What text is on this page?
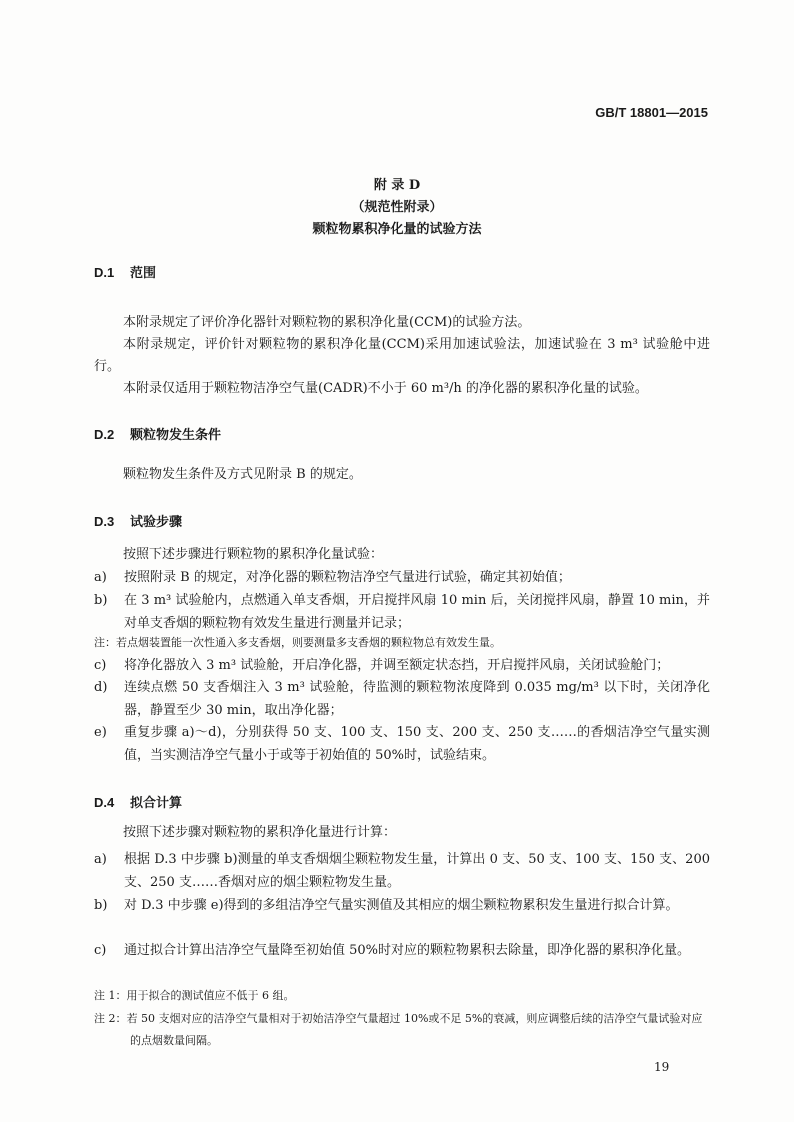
GB/T 18801—2015
附 录 D
（规范性附录）
颗粒物累积净化量的试验方法
D.1 范围
本附录规定了评价净化器针对颗粒物的累积净化量(CCM)的试验方法。
本附录规定，评价针对颗粒物的累积净化量(CCM)采用加速试验法，加速试验在 3 m³ 试验舱中进行。
本附录仅适用于颗粒物洁净空气量(CADR)不小于 60 m³/h 的净化器的累积净化量的试验。
D.2 颗粒物发生条件
颗粒物发生条件及方式见附录 B 的规定。
D.3 试验步骤
按照下述步骤进行颗粒物的累积净化量试验：
a) 按照附录 B 的规定，对净化器的颗粒物洁净空气量进行试验，确定其初始值；
b) 在 3 m³ 试验舱内，点燃通入单支香烟，开启搅拌风扇 10 min 后，关闭搅拌风扇，静置 10 min，并对单支香烟的颗粒物有效发生量进行测量并记录；
注：若点烟装置能一次性通入多支香烟，则要测量多支香烟的颗粒物总有效发生量。
c) 将净化器放入 3 m³ 试验舱，开启净化器，并调至额定状态挡，开启搅拌风扇，关闭试验舱门；
d) 连续点燃 50 支香烟注入 3 m³ 试验舱，待监测的颗粒物浓度降到 0.035 mg/m³ 以下时，关闭净化器，静置至少 30 min，取出净化器；
e) 重复步骤 a)～d)，分别获得 50 支、100 支、150 支、200 支、250 支……的香烟洁净空气量实测值，当实测洁净空气量小于或等于初始值的 50%时，试验结束。
D.4 拟合计算
按照下述步骤对颗粒物的累积净化量进行计算：
a) 根据 D.3 中步骤 b)测量的单支香烟烟尘颗粒物发生量，计算出 0 支、50 支、100 支、150 支、200 支、250 支……香烟对应的烟尘颗粒物发生量。
b) 对 D.3 中步骤 e)得到的多组洁净空气量实测值及其相应的烟尘颗粒物累积发生量进行拟合计算。
c) 通过拟合计算出洁净空气量降至初始值 50%时对应的颗粒物累积去除量，即净化器的累积净化量。
注 1：用于拟合的测试值应不低于 6 组。
注 2：若 50 支烟对应的洁净空气量相对于初始洁净空气量超过 10%或不足 5%的衰减，则应调整后续的洁净空气量试验对应的点烟数量间隔。
19
